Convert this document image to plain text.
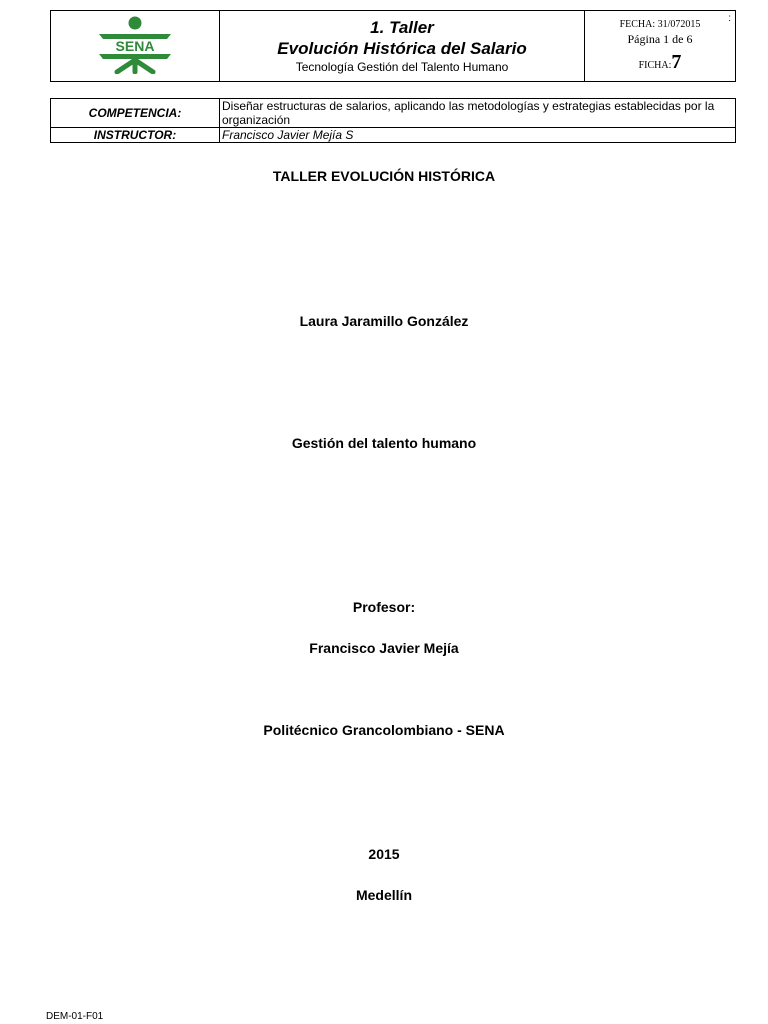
SENA

1. Taller
Evolución Histórica del Salario
Tecnología Gestión del Talento Humano

:
FECHA: 31/072015
Página 1 de 6
FICHA:7
COMPETENCIA:	Diseñar estructuras de salarios, aplicando las metodologías y estrategias establecidas por la organización
INSTRUCTOR:	Francisco Javier Mejía S
TALLER EVOLUCIÓN HISTÓRICA
Laura Jaramillo González
Gestión del talento humano
Profesor:
Francisco Javier Mejía
Politécnico Grancolombiano - SENA
2015
Medellín
DEM-01-F01
